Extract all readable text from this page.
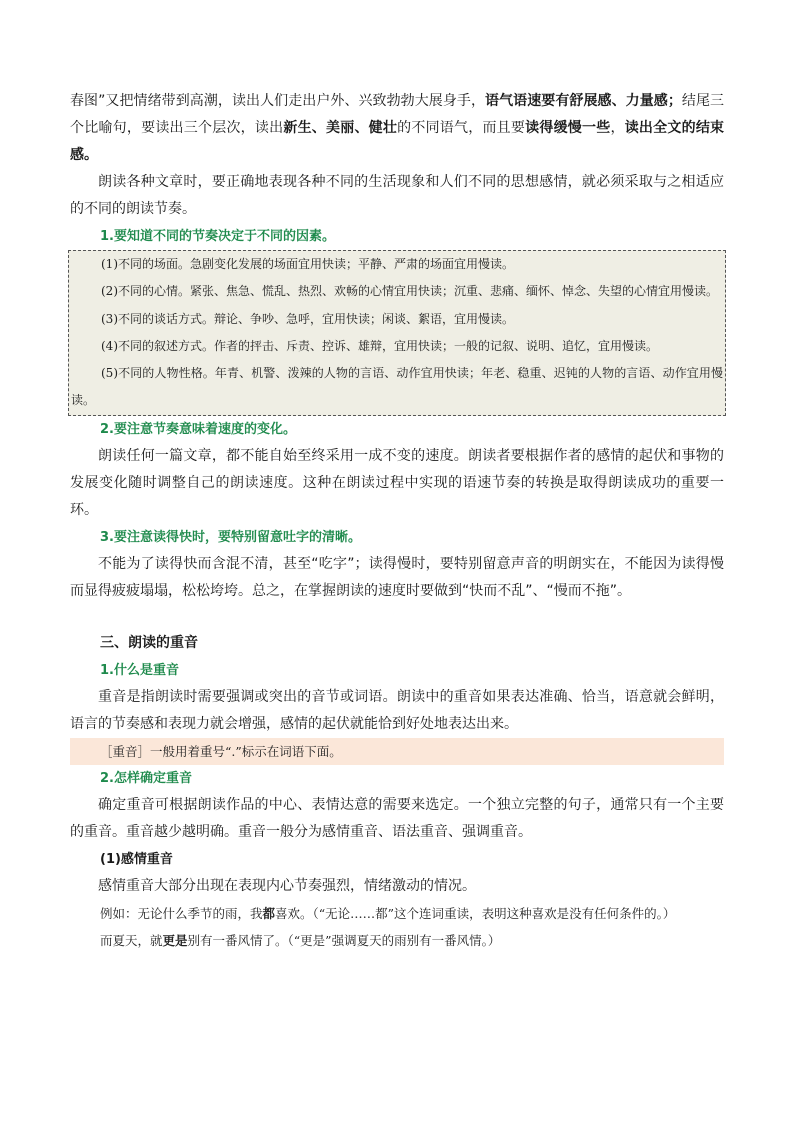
春图”又把情绪带到高潮，读出人们走出户外、兴致勃勃大展身手，语气语速要有舒展感、力量感；结尾三个比喻句，要读出三个层次，读出新生、美丽、健壮的不同语气，而且要读得缓慢一些，读出全文的结束感。

朗读各种文章时，要正确地表现各种不同的生活现象和人们不同的思想感情，就必须采取与之相适应的不同的朗读节奏。

1.要知道不同的节奏决定于不同的因素。

(1)不同的场面。急剧变化发展的场面宜用快读；平静、严肃的场面宜用慢读。

(2)不同的心情。紧张、焦急、慌乱、热烈、欢畅的心情宜用快读；沉重、悲痛、缅怀、悼念、失望的心情宜用慢读。

(3)不同的谈话方式。辩论、争吵、急呼，宜用快读；闲谈、絮语，宜用慢读。

(4)不同的叙述方式。作者的抨击、斥责、控诉、雄辩，宜用快读；一般的记叙、说明、追忆，宜用慢读。

(5)不同的人物性格。年青、机警、泼辣的人物的言语、动作宜用快读；年老、稳重、迟钝的人物的言语、动作宜用慢读。

2.要注意节奏意味着速度的变化。

朗读任何一篇文章，都不能自始至终采用一成不变的速度。朗读者要根据作者的感情的起伏和事物的发展变化随时调整自己的朗读速度。这种在朗读过程中实现的语速节奏的转换是取得朗读成功的重要一环。

3.要注意读得快时，要特别留意吐字的清晰。

不能为了读得快而含混不清，甚至“吃字”；读得慢时，要特别留意声音的明朗实在，不能因为读得慢而显得疲疲塌塌，松松垮垮。总之，在掌握朗读的速度时要做到“快而不乱”、“慢而不拖”。

三、朗读的重音

1.什么是重音

重音是指朗读时需要强调或突出的音节或词语。朗读中的重音如果表达准确、恰当，语意就会鲜明，语言的节奏感和表现力就会增强，感情的起伏就能恰到好处地表达出来。

［重音］一般用着重号“.”标示在词语下面。

2.怎样确定重音

确定重音可根据朗读作品的中心、表情达意的需要来选定。一个独立完整的句子，通常只有一个主要的重音。重音越少越明确。重音一般分为感情重音、语法重音、强调重音。

(1)感情重音

感情重音大部分出现在表现内心节奏强烈，情绪激动的情况。

例如：无论什么季节的雨，我都喜欢。（“无论……都”这个连词重读，表明这种喜欢是没有任何条件的。）

而夏天，就更是别有一番风情了。（“更是”强调夏天的雨别有一番风情。）
